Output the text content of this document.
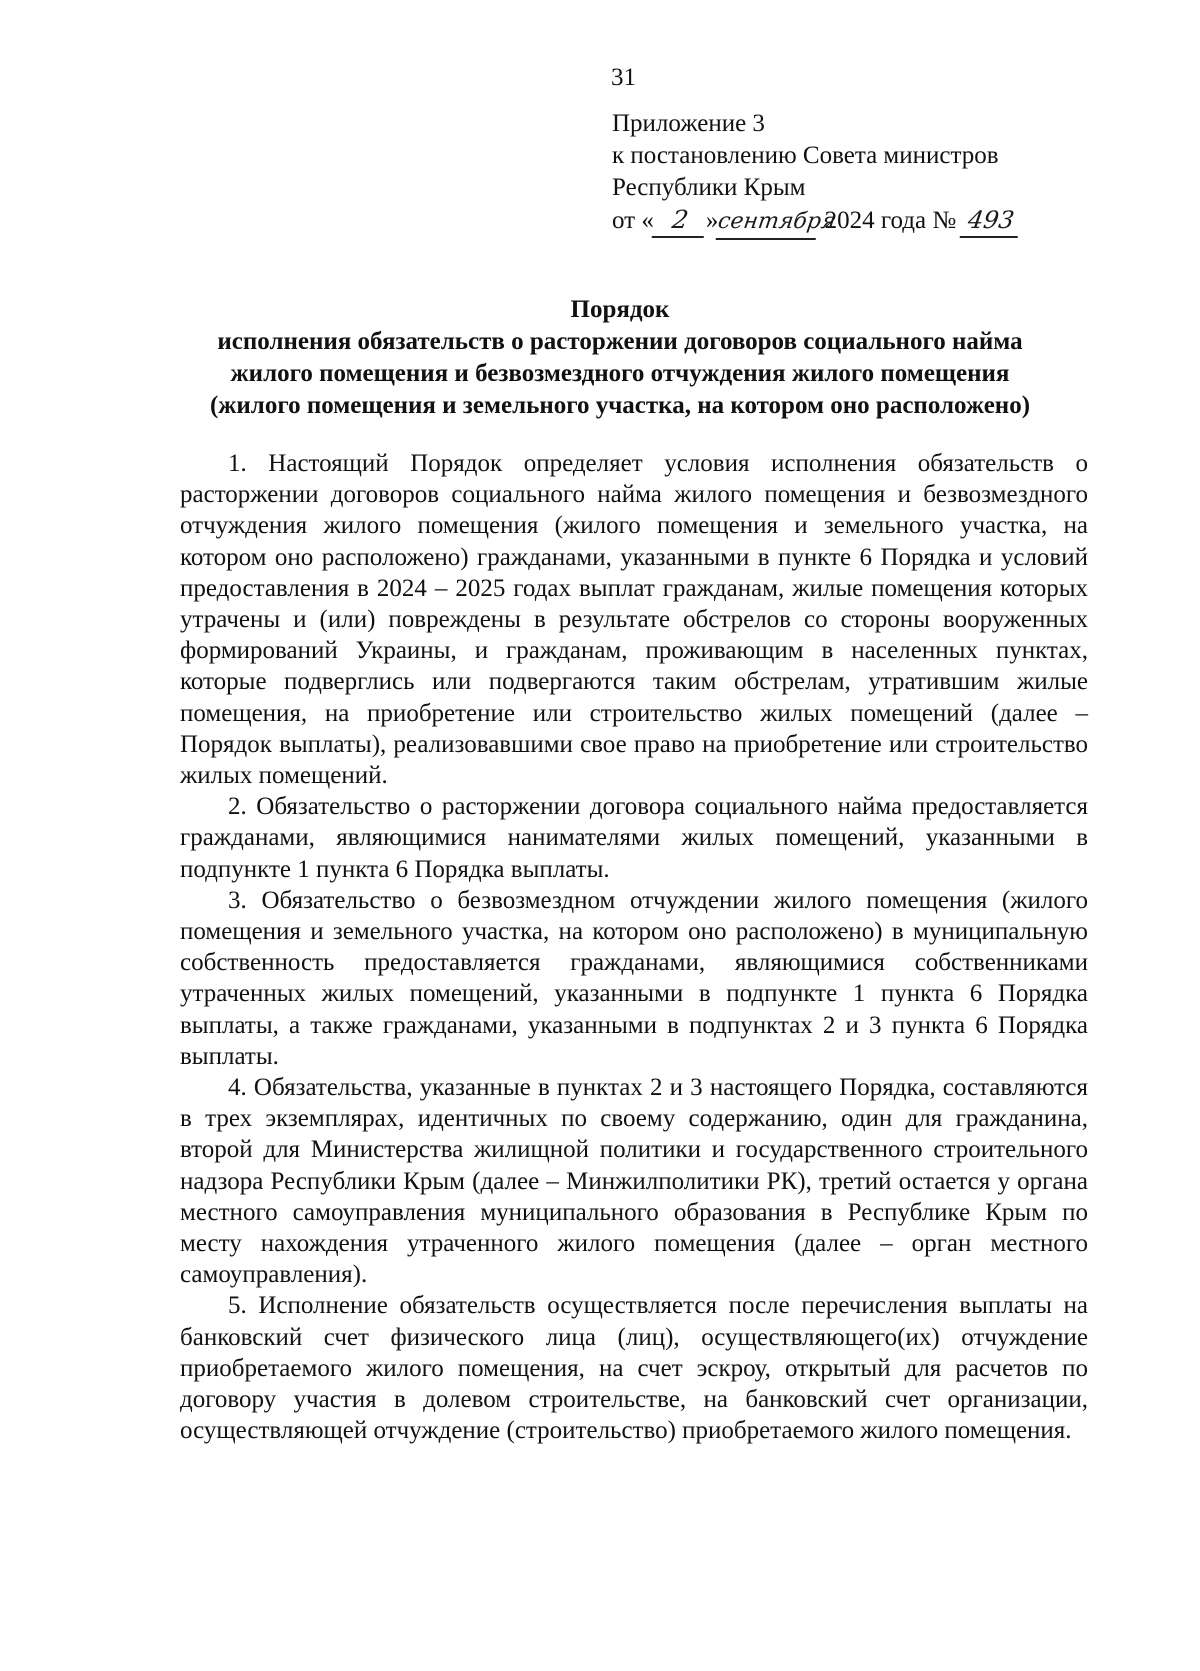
31
Приложение 3
к постановлению Совета министров
Республики Крым
от « 2 »сентября 2024 года № 493
Порядок
исполнения обязательств о расторжении договоров социального найма
жилого помещения и безвозмездного отчуждения жилого помещения
(жилого помещения и земельного участка, на котором оно расположено)

1. Настоящий Порядок определяет условия исполнения обязательств о расторжении договоров социального найма жилого помещения и безвозмездного отчуждения жилого помещения (жилого помещения и земельного участка, на котором оно расположено) гражданами, указанными в пункте 6 Порядка и условий предоставления в 2024 – 2025 годах выплат гражданам, жилые помещения которых утрачены и (или) повреждены в результате обстрелов со стороны вооруженных формирований Украины, и гражданам, проживающим в населенных пунктах, которые подверглись или подвергаются таким обстрелам, утратившим жилые помещения, на приобретение или строительство жилых помещений (далее – Порядок выплаты), реализовавшими свое право на приобретение или строительство жилых помещений.

2. Обязательство о расторжении договора социального найма предоставляется гражданами, являющимися нанимателями жилых помещений, указанными в подпункте 1 пункта 6 Порядка выплаты.

3. Обязательство о безвозмездном отчуждении жилого помещения (жилого помещения и земельного участка, на котором оно расположено) в муниципальную собственность предоставляется гражданами, являющимися собственниками утраченных жилых помещений, указанными в подпункте 1 пункта 6 Порядка выплаты, а также гражданами, указанными в подпунктах 2 и 3 пункта 6 Порядка выплаты.

4. Обязательства, указанные в пунктах 2 и 3 настоящего Порядка, составляются в трех экземплярах, идентичных по своему содержанию, один для гражданина, второй для Министерства жилищной политики и государственного строительного надзора Республики Крым (далее – Минжилполитики РК), третий остается у органа местного самоуправления муниципального образования в Республике Крым по месту нахождения утраченного жилого помещения (далее – орган местного самоуправления).

5. Исполнение обязательств осуществляется после перечисления выплаты на банковский счет физического лица (лиц), осуществляющего(их) отчуждение приобретаемого жилого помещения, на счет эскроу, открытый для расчетов по договору участия в долевом строительстве, на банковский счет организации, осуществляющей отчуждение (строительство) приобретаемого жилого помещения.
